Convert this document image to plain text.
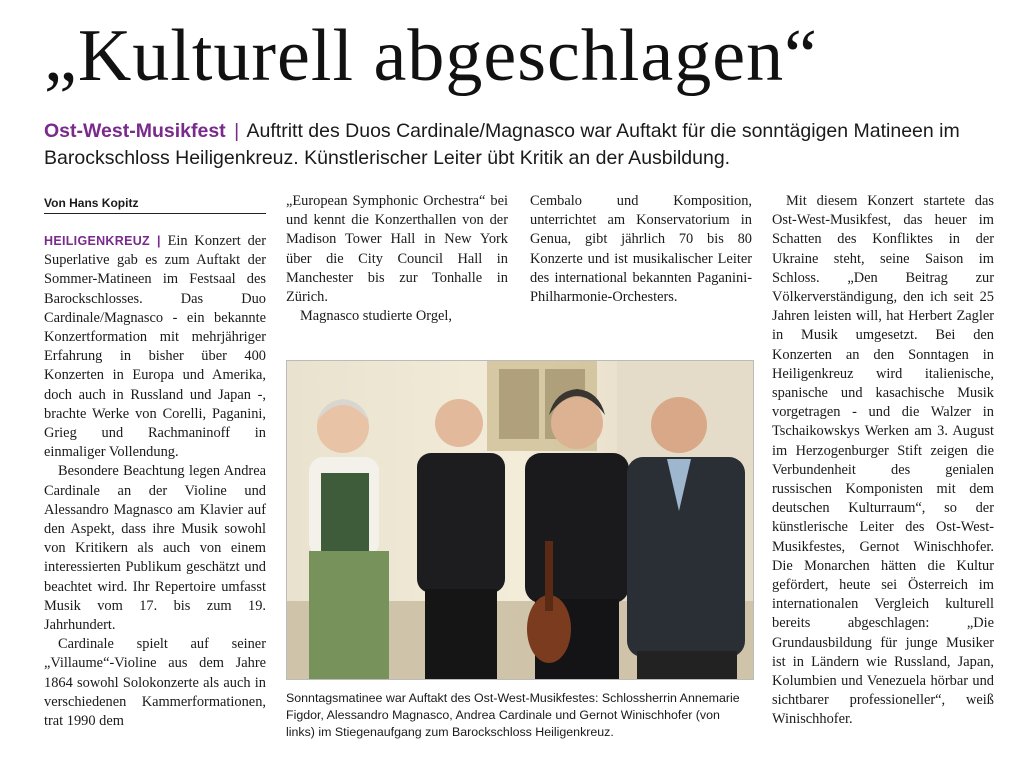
„Kulturell abgeschlagen“
Ost-West-Musikfest | Auftritt des Duos Cardinale/Magnasco war Auftakt für die sonntägigen Matineen im Barockschloss Heiligenkreuz. Künstlerischer Leiter übt Kritik an der Ausbildung.
Von Hans Kopitz

HEILIGENKREUZ | Ein Konzert der Superlative gab es zum Auftakt der Sommer-Matineen im Festsaal des Barockschlosses. Das Duo Cardinale/Magnasco - ein bekannte Konzertformation mit mehrjähriger Erfahrung in bisher über 400 Konzerten in Europa und Amerika, doch auch in Russland und Japan -, brachte Werke von Corelli, Paganini, Grieg und Rachmaninoff in einmaliger Vollendung.

Besondere Beachtung legen Andrea Cardinale an der Violine und Alessandro Magnasco am Klavier auf den Aspekt, dass ihre Musik sowohl von Kritikern als auch von einem interessierten Publikum geschätzt und beachtet wird. Ihr Repertoire umfasst Musik vom 17. bis zum 19. Jahrhundert.

Cardinale spielt auf seiner „Villaume“-Violine aus dem Jahre 1864 sowohl Solokonzerte als auch in verschiedenen Kammerformationen, trat 1990 dem

„European Symphonic Orchestra“ bei und kennt die Konzerthallen von der Madison Tower Hall in New York über die City Council Hall in Manchester bis zur Tonhalle in Zürich.

Magnasco studierte Orgel,

Cembalo und Komposition, unterrichtet am Konservatorium in Genua, gibt jährlich 70 bis 80 Konzerte und ist musikalischer Leiter des international bekannten Paganini-Philharmonie-Orchesters.

Mit diesem Konzert startete das Ost-West-Musikfest, das heuer im Schatten des Konfliktes in der Ukraine steht, seine Saison im Schloss. „Den Beitrag zur Völkerverständigung, den ich seit 25 Jahren leisten will, hat Herbert Zagler in Musik umgesetzt. Bei den Konzerten an den Sonntagen in Heiligenkreuz wird italienische, spanische und kasachische Musik vorgetragen - und die Walzer in Tschaikowskys Werken am 3. August im Herzogenburger Stift zeigen die Verbundenheit des genialen russischen Komponisten mit dem deutschen Kulturraum“, so der künstlerische Leiter des Ost-West-Musikfestes, Gernot Winischhofer. Die Monarchen hätten die Kultur gefördert, heute sei Österreich im internationalen Vergleich kulturell bereits abgeschlagen: „Die Grundausbildung für junge Musiker ist in Ländern wie Russland, Japan, Kolumbien und Venezuela hörbar und sichtbarer professioneller“, weiß Winischhofer.

Sonntagsmatinee war Auftakt des Ost-West-Musikfestes: Schlossherrin Annemarie Figdor, Alessandro Magnasco, Andrea Cardinale und Gernot Winischhofer (von links) im Stiegenaufgang zum Barockschloss Heiligenkreuz.
